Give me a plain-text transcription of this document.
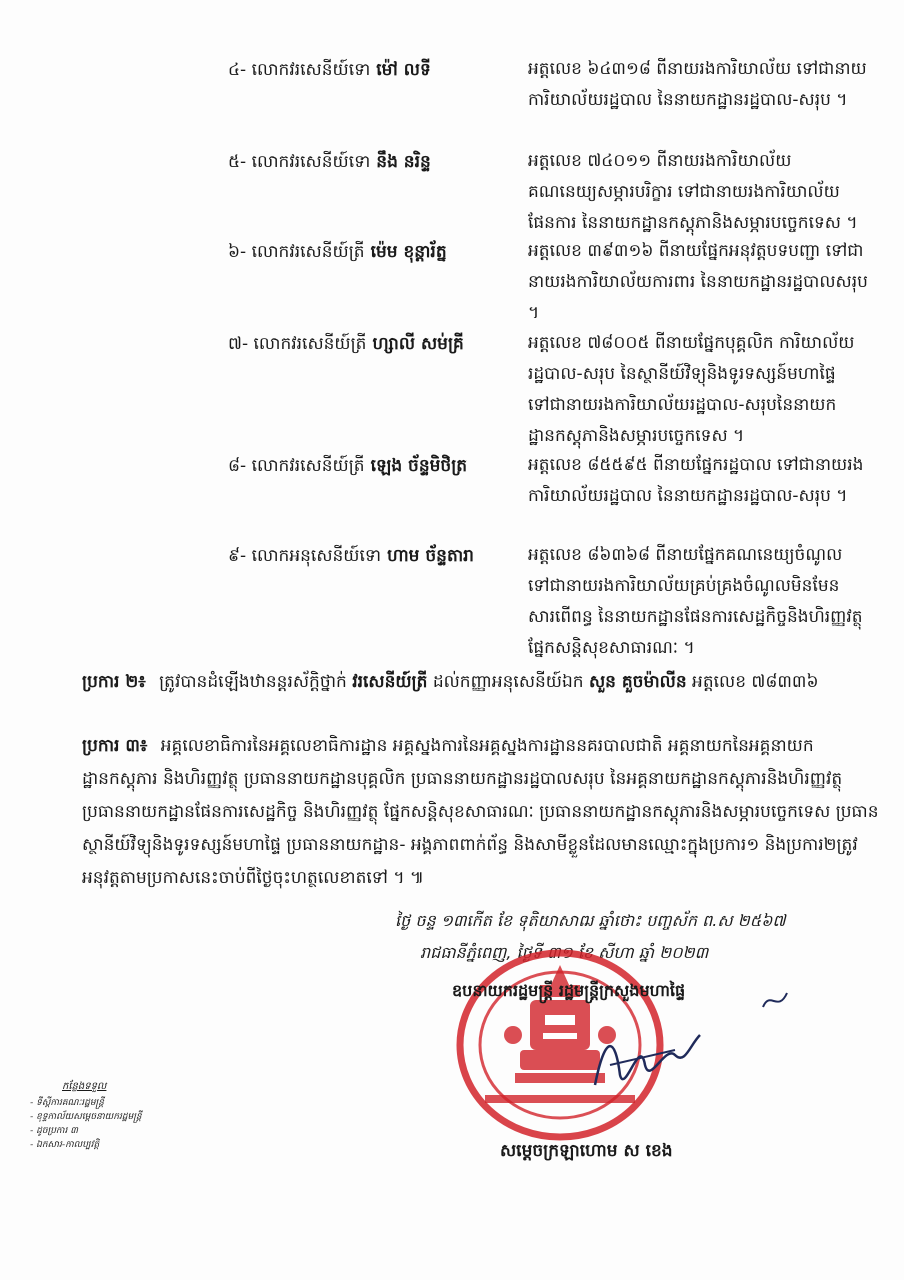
៤- លោកវរសេនីយ៍ទោ ម៉ៅ លទី	អត្តលេខ ៦៤៣១៨ ពីនាយរងការិយាល័យ ទៅជានាយការិយាល័យរដ្ឋបាល នៃនាយកដ្ឋានរដ្ឋបាល-សរុប ។
៥- លោកវរសេនីយ៍ទោ នឹង នរិន្ទ	អត្តលេខ ៧៤០១១ ពីនាយរងការិយាល័យគណនេយ្យសម្ភារបរិក្ខារ ទៅជានាយរងការិយាល័យផែនការ នៃនាយកដ្ឋានកស្តុភានិងសម្ភារបច្ចេកទេស ។
៦- លោកវរសេនីយ៍ត្រី ម៉េម ខុន្តារ័ត្ន	អត្តលេខ ៣៩៣១៦ ពីនាយផ្នែកអនុវត្តបទបញ្ជា ទៅជានាយរងការិយាល័យការពារ នៃនាយកដ្ឋានរដ្ឋបាលសរុប ។
៧- លោកវរសេនីយ៍ត្រី ហ្សាលី សម់គ្រី	អត្តលេខ ៧៨០០៥ ពីនាយផ្នែកបុគ្គលិក ការិយាល័យរដ្ឋបាល-សរុប នៃស្ថានីយ៍វិទ្យុនិងទូរទស្សន៍មហាផ្ទៃ ទៅជានាយរងការិយាល័យរដ្ឋបាល-សរុបនៃនាយកដ្ឋានកស្តុភានិងសម្ភារបច្ចេកទេស ។
៨- លោកវរសេនីយ៍ត្រី ឡេង ច័ន្ទមិថិត្រ	អត្តលេខ ៨៥៥៩៥ ពីនាយផ្នែករដ្ឋបាល ទៅជានាយរងការិយាល័យរដ្ឋបាល នៃនាយកដ្ឋានរដ្ឋបាល-សរុប ។
៩- លោកអនុសេនីយ៍ទោ ហាម ច័ន្ទតារា	អត្តលេខ ៨៦៣៦៨ ពីនាយផ្នែកគណនេយ្យចំណូល ទៅជានាយរងការិយាល័យគ្រប់គ្រងចំណូលមិនមែនសារពើពន្ធ នៃនាយកដ្ឋានផែនការសេដ្ឋកិច្ចនិងហិរញ្ញវត្ថុ ផ្នែកសន្តិសុខសាធារណៈ ។
ប្រការ ២៖ ត្រូវបានដំឡើងឋានន្តរស័ក្តិថ្នាក់ វរសេនីយ៍ត្រី ដល់កញ្ញាអនុសេនីយ៍ឯក សួន គួចម៉ាលីន អត្តលេខ ៧៨៣៣៦
ប្រការ ៣៖ អគ្គលេខាធិការនៃអគ្គលេខាធិការដ្ឋាន អគ្គស្នងការនៃអគ្គស្នងការដ្ឋាននគរបាលជាតិ អគ្គនាយកនៃអគ្គនាយកដ្ឋានកស្តុភារ និងហិរញ្ញវត្ថុ ប្រធាននាយកដ្ឋានបុគ្គលិក ប្រធាននាយកដ្ឋានរដ្ឋបាលសរុប នៃអគ្គនាយកដ្ឋានកស្តុភារនិងហិរញ្ញវត្ថុ ប្រធាននាយកដ្ឋានផែនការសេដ្ឋកិច្ច និងហិរញ្ញវត្ថុ ផ្នែកសន្តិសុខសាធារណៈ ប្រធាននាយកដ្ឋានកស្តុភារនិងសម្ភារបច្ចេកទេស ប្រធានស្ថានីយ៍វិទ្យុនិងទូរទស្សន៍មហាផ្ទៃ ប្រធាននាយកដ្ឋាន- អង្គភាពពាក់ព័ន្ធ និងសាមីខ្លួនដែលមានឈ្មោះក្នុងប្រការ១ និងប្រការ២ត្រូវអនុវត្តតាមប្រកាសនេះចាប់ពីថ្ងៃចុះហត្ថលេខាតទៅ ។ ៕
ថ្ងៃ ចន្ទ ១៣កើត ខែ ទុតិយាសាឍ ឆ្នាំថោះ បញ្ចស័ក ព.ស ២៥៦៧
រាជធានីភ្នំពេញ, ថ្ងៃទី ៣១ ខែ សីហា ឆ្នាំ ២០២៣
ឧបនាយករដ្ឋមន្ត្រី រដ្ឋមន្ត្រីក្រសួងមហាផ្ទៃ
សម្តេចក្រឡាហោម ស ខេង
កន្លែងទទួល
- ទីស្តីការគណៈរដ្ឋមន្ត្រី
- ខុទ្ទកាល័យសម្តេចនាយករដ្ឋមន្ត្រី
- ដូចប្រការ ៣
- ឯកសារ-កាលប្បវត្តិ
